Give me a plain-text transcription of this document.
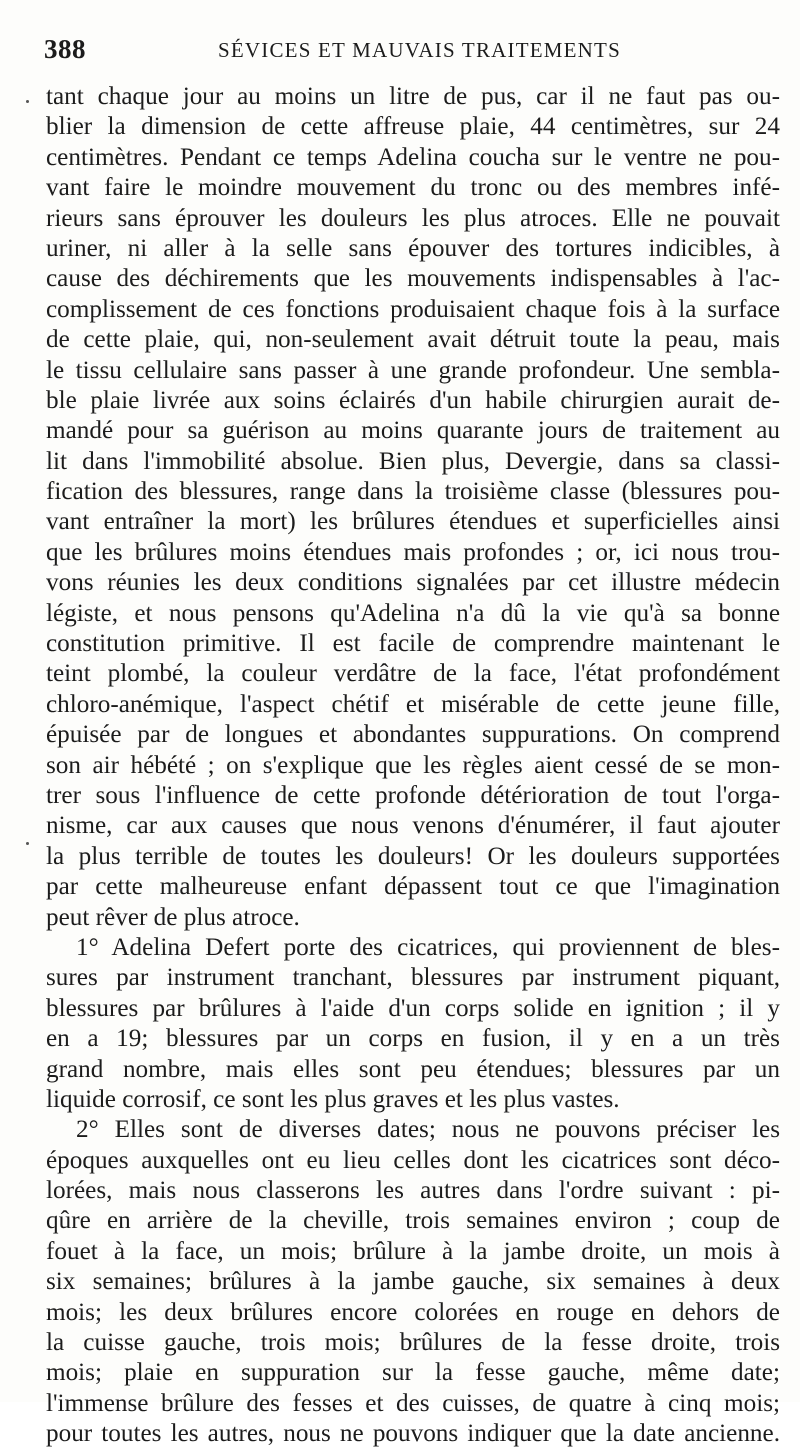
388	SÉVICES ET MAUVAIS TRAITEMENTS
tant chaque jour au moins un litre de pus, car il ne faut pas ou-
blier la dimension de cette affreuse plaie, 44 centimètres, sur 24
centimètres. Pendant ce temps Adelina coucha sur le ventre ne pou-
vant faire le moindre mouvement du tronc ou des membres infé-
rieurs sans éprouver les douleurs les plus atroces. Elle ne pouvait
uriner, ni aller à la selle sans épouver des tortures indicibles, à
cause des déchirements que les mouvements indispensables à l'ac-
complissement de ces fonctions produisaient chaque fois à la surface
de cette plaie, qui, non-seulement avait détruit toute la peau, mais
le tissu cellulaire sans passer à une grande profondeur. Une sembla-
ble plaie livrée aux soins éclairés d'un habile chirurgien aurait de-
mandé pour sa guérison au moins quarante jours de traitement au
lit dans l'immobilité absolue. Bien plus, Devergie, dans sa classi-
fication des blessures, range dans la troisième classe (blessures pou-
vant entraîner la mort) les brûlures étendues et superficielles ainsi
que les brûlures moins étendues mais profondes ; or, ici nous trou-
vons réunies les deux conditions signalées par cet illustre médecin
légiste, et nous pensons qu'Adelina n'a dû la vie qu'à sa bonne
constitution primitive. Il est facile de comprendre maintenant le
teint plombé, la couleur verdâtre de la face, l'état profondément
chloro-anémique, l'aspect chétif et misérable de cette jeune fille,
épuisée par de longues et abondantes suppurations. On comprend
son air hébété ; on s'explique que les règles aient cessé de se mon-
trer sous l'influence de cette profonde détérioration de tout l'orga-
nisme, car aux causes que nous venons d'énumérer, il faut ajouter
la plus terrible de toutes les douleurs! Or les douleurs supportées
par cette malheureuse enfant dépassent tout ce que l'imagination
peut rêver de plus atroce.
1° Adelina Defert porte des cicatrices, qui proviennent de bles-
sures par instrument tranchant, blessures par instrument piquant,
blessures par brûlures à l'aide d'un corps solide en ignition ; il y
en a 19; blessures par un corps en fusion, il y en a un très
grand nombre, mais elles sont peu étendues; blessures par un
liquide corrosif, ce sont les plus graves et les plus vastes.
2° Elles sont de diverses dates; nous ne pouvons préciser les
époques auxquelles ont eu lieu celles dont les cicatrices sont déco-
lorées, mais nous classerons les autres dans l'ordre suivant : pi-
qûre en arrière de la cheville, trois semaines environ ; coup de
fouet à la face, un mois; brûlure à la jambe droite, un mois à
six semaines; brûlures à la jambe gauche, six semaines à deux
mois; les deux brûlures encore colorées en rouge en dehors de
la cuisse gauche, trois mois; brûlures de la fesse droite, trois
mois; plaie en suppuration sur la fesse gauche, même date;
l'immense brûlure des fesses et des cuisses, de quatre à cinq mois;
pour toutes les autres, nous ne pouvons indiquer que la date ancienne.
